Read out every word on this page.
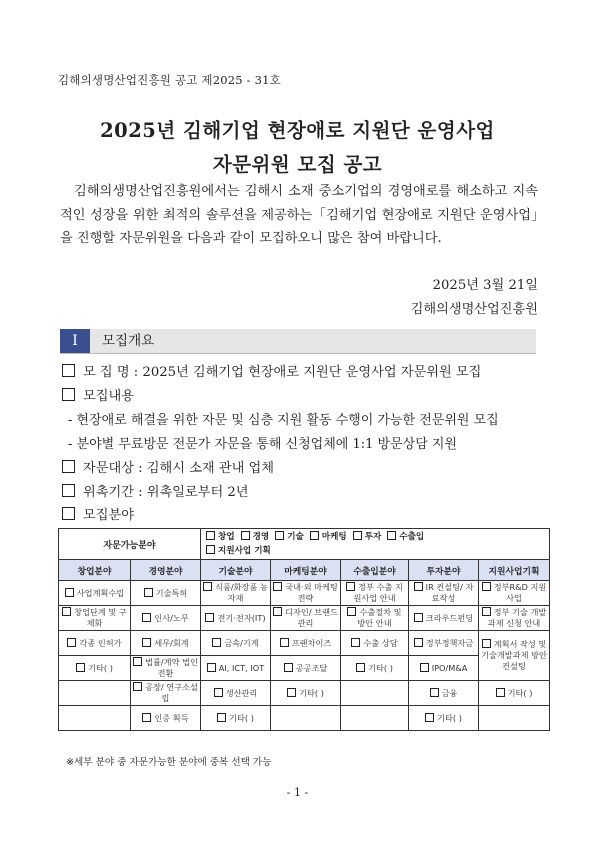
김해의생명산업진흥원 공고 제2025 - 31호
2025년 김해기업 현장애로 지원단 운영사업
자문위원 모집 공고
김해의생명산업진흥원에서는 김해시 소재 중소기업의 경영애로를 해소하고 지속적인 성장을 위한 최적의 솔루션을 제공하는「김해기업 현장애로 지원단 운영사업」을 진행할 자문위원을 다음과 같이 모집하오니 많은 참여 바랍니다.
2025년 3월 21일
김해의생명산업진흥원
Ⅰ	모집개요
모 집 명 : 2025년 김해기업 현장애로 지원단 운영사업 자문위원 모집
모집내용
- 현장애로 해결을 위한 자문 및 심층 지원 활동 수행이 가능한 전문위원 모집
- 분야별 무료방문 전문가 자문을 통해 신청업체에 1:1 방문상담 지원
자문대상 : 김해시 소재 관내 업체
위촉기간 : 위촉일로부터 2년
모집분야
자문가능분야		창업 경영 기술 마케팅 투자 수출입
지원사업 기획				
창업분야	경영분야	기술분야	마케팅분야	수출입분야	투자분야	지원사업기획
사업계획수립	기술특허	식품/화장품 농자재	국내·외 마케팅 전략	정부 수출 지원사업 안내	IR 컨설팅/ 자료작성	정부R&D 지원사업
창업단계 및 구체화	인사/노무	전기·전자(IT)	디자인/ 브랜드 관리	수출절차 및 방안 안내	크라우드펀딩	정부 기술 개발과제 신청 안내
각종 인허가	세무/회계	금속/기계	프랜차이즈	수출 상담	정부정책자금	계획서 작성 및 기술개발과제 방안 컨설팅
기타( )	법률/계약 법인전환	AI, ICT, IOT	공공조달	기타( )	IPO/M&A	
	공장/ 연구소설립	생산관리	기타( )		금융	기타( )
	인증 획득	기타( )			기타( )	
※세부 분야 중 자문가능한 분야에 중복 선택 가능
- 1 -
